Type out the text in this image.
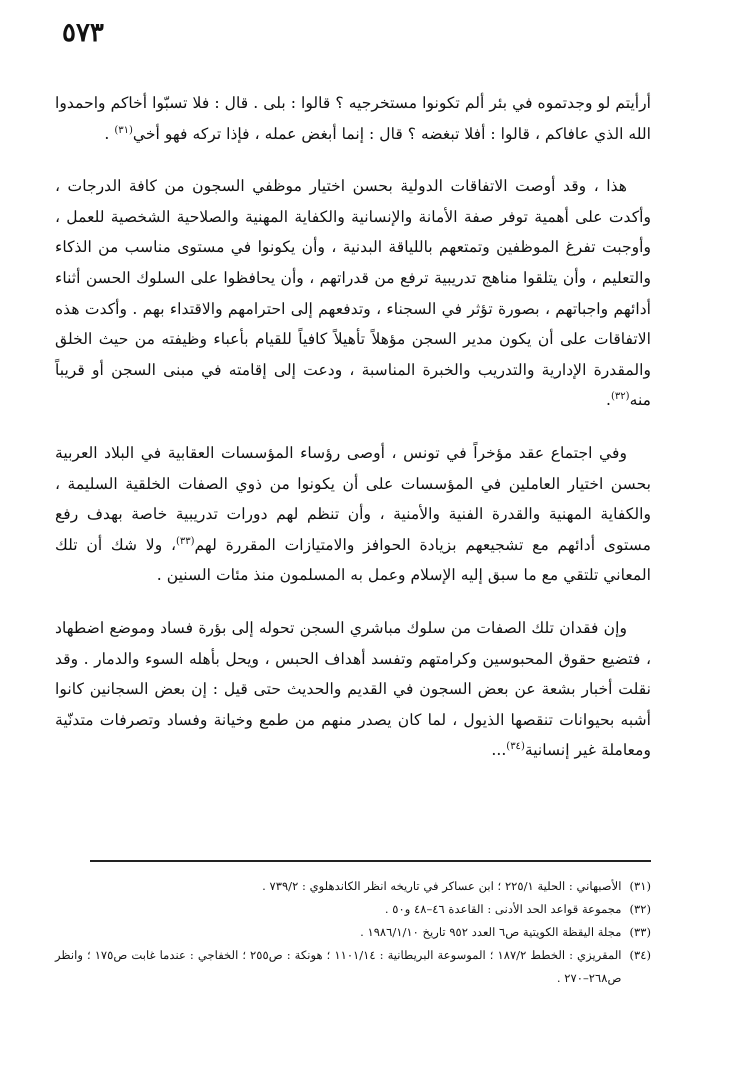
٥٧٣

أرأيتم لو وجدتموه في بئر ألم تكونوا مستخرجيه ؟ قالوا : بلى . قال : فلا تسبّوا أخاكم واحمدوا الله الذي عافاكم ، قالوا : أفلا تبغضه ؟ قال : إنما أبغض عمله ، فإذا تركه فهو أخي$^{(٣١)}$ .

هذا ، وقد أوصت الاتفاقات الدولية بحسن اختيار موظفي السجون من كافة الدرجات ، وأكدت على أهمية توفر صفة الأمانة والإنسانية والكفاية المهنية والصلاحية الشخصية للعمل ، وأوجبت تفرغ الموظفين وتمتعهم باللياقة البدنية ، وأن يكونوا في مستوى مناسب من الذكاء والتعليم ، وأن يتلقوا مناهج تدريبية ترفع من قدراتهم ، وأن يحافظوا على السلوك الحسن أثناء أدائهم واجباتهم ، بصورة تؤثر في السجناء ، وتدفعهم إلى احترامهم والاقتداء بهم . وأكدت هذه الاتفاقات على أن يكون مدير السجن مؤهلاً تأهيلاً كافياً للقيام بأعباء وظيفته من حيث الخلق والمقدرة الإدارية والتدريب والخبرة المناسبة ، ودعت إلى إقامته في مبنى السجن أو قريباً منه$^{(٣٢)}$.

وفي اجتماع عقد مؤخراً في تونس ، أوصى رؤساء المؤسسات العقابية في البلاد العربية بحسن اختيار العاملين في المؤسسات على أن يكونوا من ذوي الصفات الخلقية السليمة ، والكفاية المهنية والقدرة الفنية والأمنية ، وأن تنظم لهم دورات تدريبية خاصة بهدف رفع مستوى أدائهم مع تشجيعهم بزيادة الحوافز والامتيازات المقررة لهم$^{(٣٣)}$، ولا شك أن تلك المعاني تلتقي مع ما سبق إليه الإسلام وعمل به المسلمون منذ مئات السنين .

وإن فقدان تلك الصفات من سلوك مباشري السجن تحوله إلى بؤرة فساد وموضع اضطهاد ، فتضيع حقوق المحبوسين وكرامتهم وتفسد أهداف الحبس ، ويحل بأهله السوء والدمار . وقد نقلت أخبار بشعة عن بعض السجون في القديم والحديث حتى قيل : إن بعض السجانين كانوا أشبه بحيوانات تنقصها الذيول ، لما كان يصدر منهم من طمع وخيانة وفساد وتصرفات متدنّية ومعاملة غير إنسانية$^{(٣٤)}$...

(٣١)
الأصبهاني : الحلية ٢٢٥/١ ؛ ابن عساكر في تاريخه انظر الكاندهلوي : ٧٣٩/٢ .
(٣٢)
مجموعة قواعد الحد الأدنى : القاعدة ٤٦–٤٨ و٥٠ .
(٣٣)
مجلة اليقظة الكويتية ص٦ العدد ٩٥٢ تاريخ ١٩٨٦/١/١٠ .
(٣٤)
المقريزي : الخطط ١٨٧/٢ ؛ الموسوعة البريطانية : ١١٠١/١٤ ؛ هونكة : ص٢٥٥ ؛ الخفاجي : عندما غابت ص١٧٥ ؛ وانظر ص٢٦٨–٢٧٠ .
